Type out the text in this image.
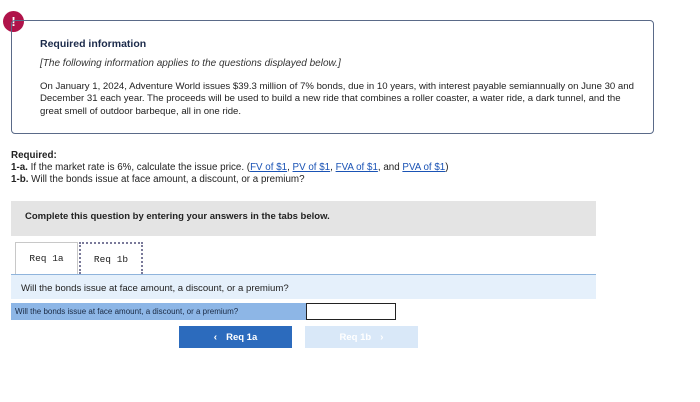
!
Required information
[The following information applies to the questions displayed below.]
On January 1, 2024, Adventure World issues $39.3 million of 7% bonds, due in 10 years, with interest payable semiannually on June 30 and December 31 each year. The proceeds will be used to build a new ride that combines a roller coaster, a water ride, a dark tunnel, and the great smell of outdoor barbeque, all in one ride.
Required:
1-a. If the market rate is 6%, calculate the issue price. (FV of $1, PV of $1, FVA of $1, and PVA of $1)
1-b. Will the bonds issue at face amount, a discount, or a premium?
Complete this question by entering your answers in the tabs below.
Req 1a	Req 1b
Will the bonds issue at face amount, a discount, or a premium?
Will the bonds issue at face amount, a discount, or a premium?
‹ Req 1a	Req 1b ›
